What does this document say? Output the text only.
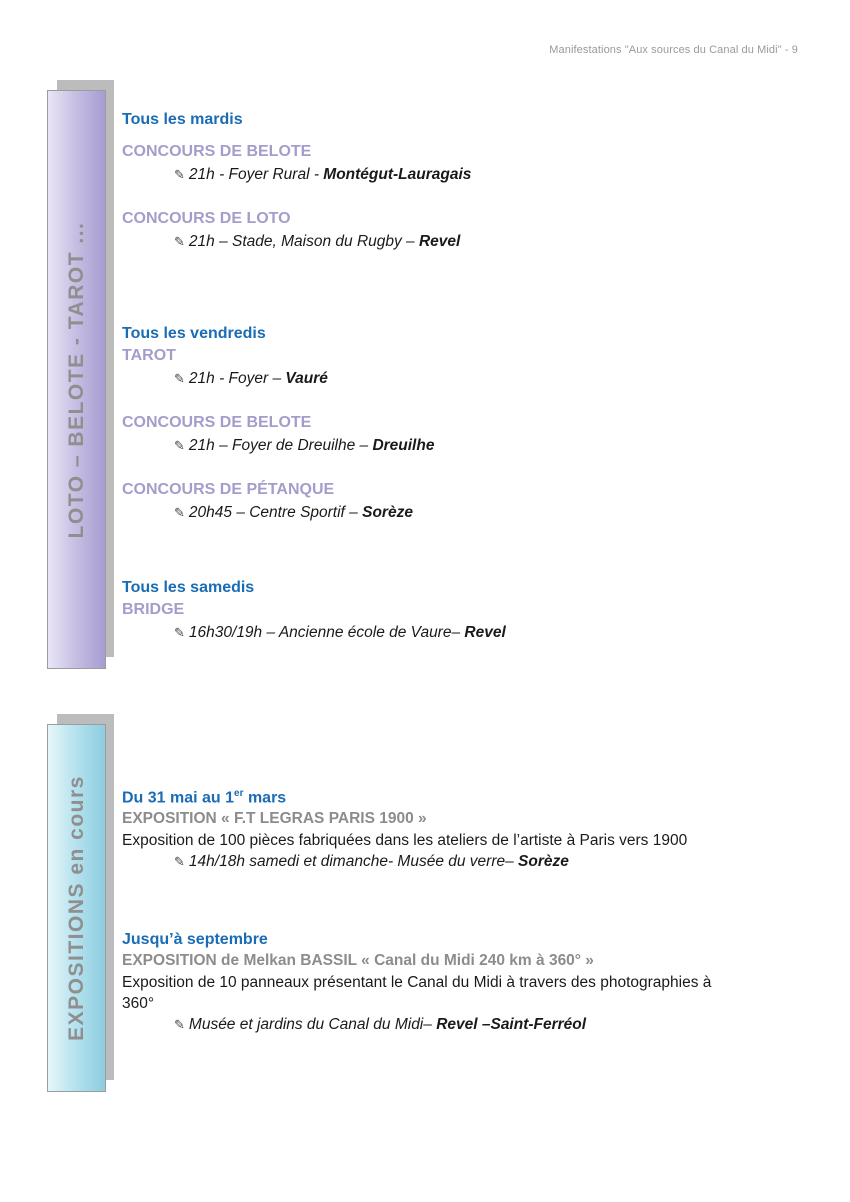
Manifestations "Aux sources du Canal du Midi" - 9
LOTO – BELOTE - TAROT ...
EXPOSITIONS en cours
Tous les mardis
CONCOURS DE BELOTE
✎ 21h - Foyer Rural - Montégut-Lauragais
CONCOURS DE LOTO
✎ 21h – Stade, Maison du Rugby – Revel
Tous les vendredis
TAROT
✎ 21h - Foyer – Vauré
CONCOURS DE BELOTE
✎ 21h – Foyer de Dreuilhe – Dreuilhe
CONCOURS DE PÉTANQUE
✎ 20h45 – Centre Sportif – Sorèze
Tous les samedis
BRIDGE
✎ 16h30/19h – Ancienne école de Vaure– Revel
Du 31 mai au 1er mars
EXPOSITION « F.T LEGRAS PARIS 1900 »
Exposition de 100 pièces fabriquées dans les ateliers de l’artiste à Paris vers 1900
✎ 14h/18h samedi et dimanche- Musée du verre– Sorèze
Jusqu’à septembre
EXPOSITION de Melkan BASSIL « Canal du Midi 240 km à 360° »
Exposition de 10 panneaux présentant le Canal du Midi à travers des photographies à 360°
✎ Musée et jardins du Canal du Midi– Revel –Saint-Ferréol
